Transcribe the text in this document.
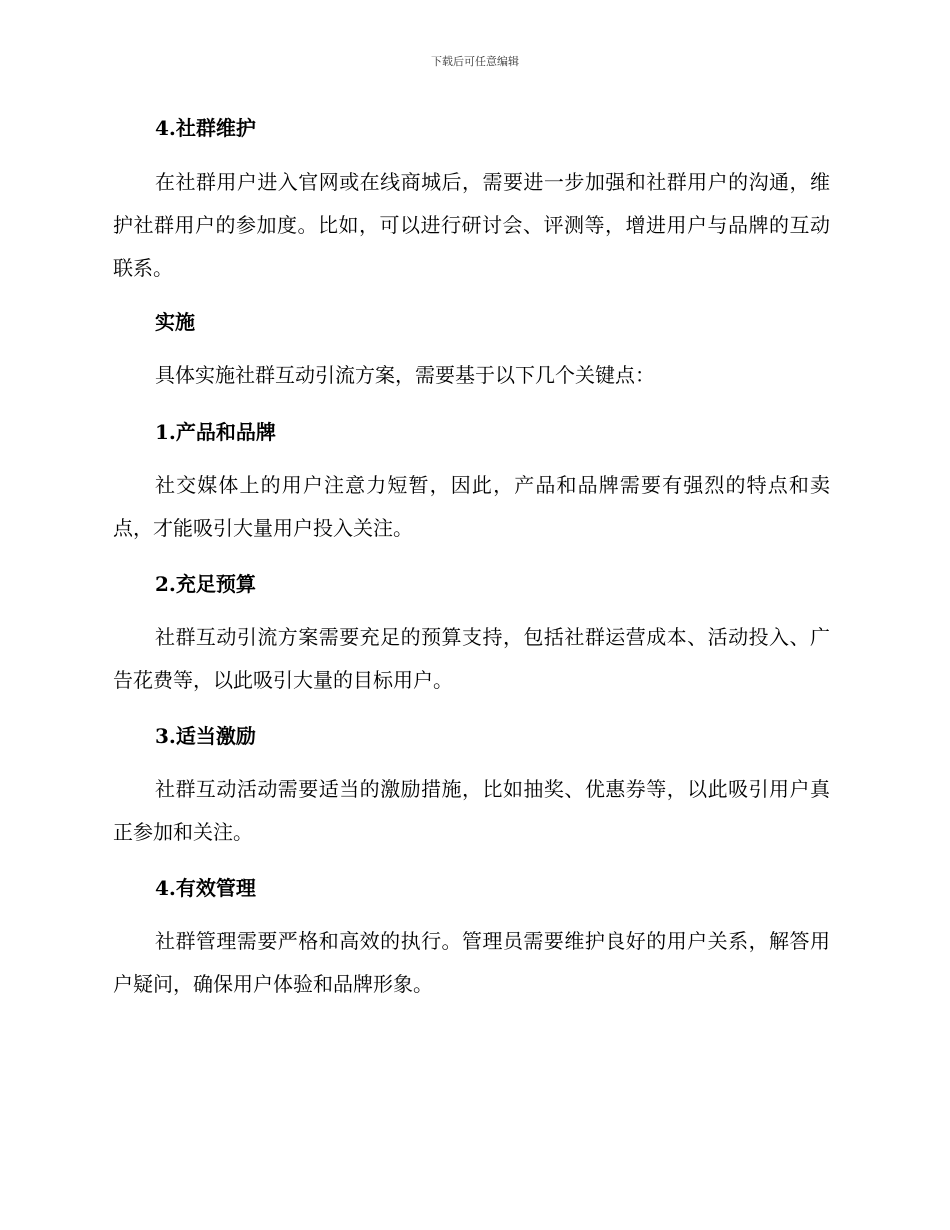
下载后可任意编辑
4.社群维护

在社群用户进入官网或在线商城后，需要进一步加强和社群用户的沟通，维护社群用户的参加度。比如，可以进行研讨会、评测等，增进用户与品牌的互动联系。

实施

具体实施社群互动引流方案，需要基于以下几个关键点：

1.产品和品牌

社交媒体上的用户注意力短暂，因此，产品和品牌需要有强烈的特点和卖点，才能吸引大量用户投入关注。

2.充足预算

社群互动引流方案需要充足的预算支持，包括社群运营成本、活动投入、广告花费等，以此吸引大量的目标用户。

3.适当激励

社群互动活动需要适当的激励措施，比如抽奖、优惠券等，以此吸引用户真正参加和关注。

4.有效管理

社群管理需要严格和高效的执行。管理员需要维护良好的用户关系，解答用户疑问，确保用户体验和品牌形象。
